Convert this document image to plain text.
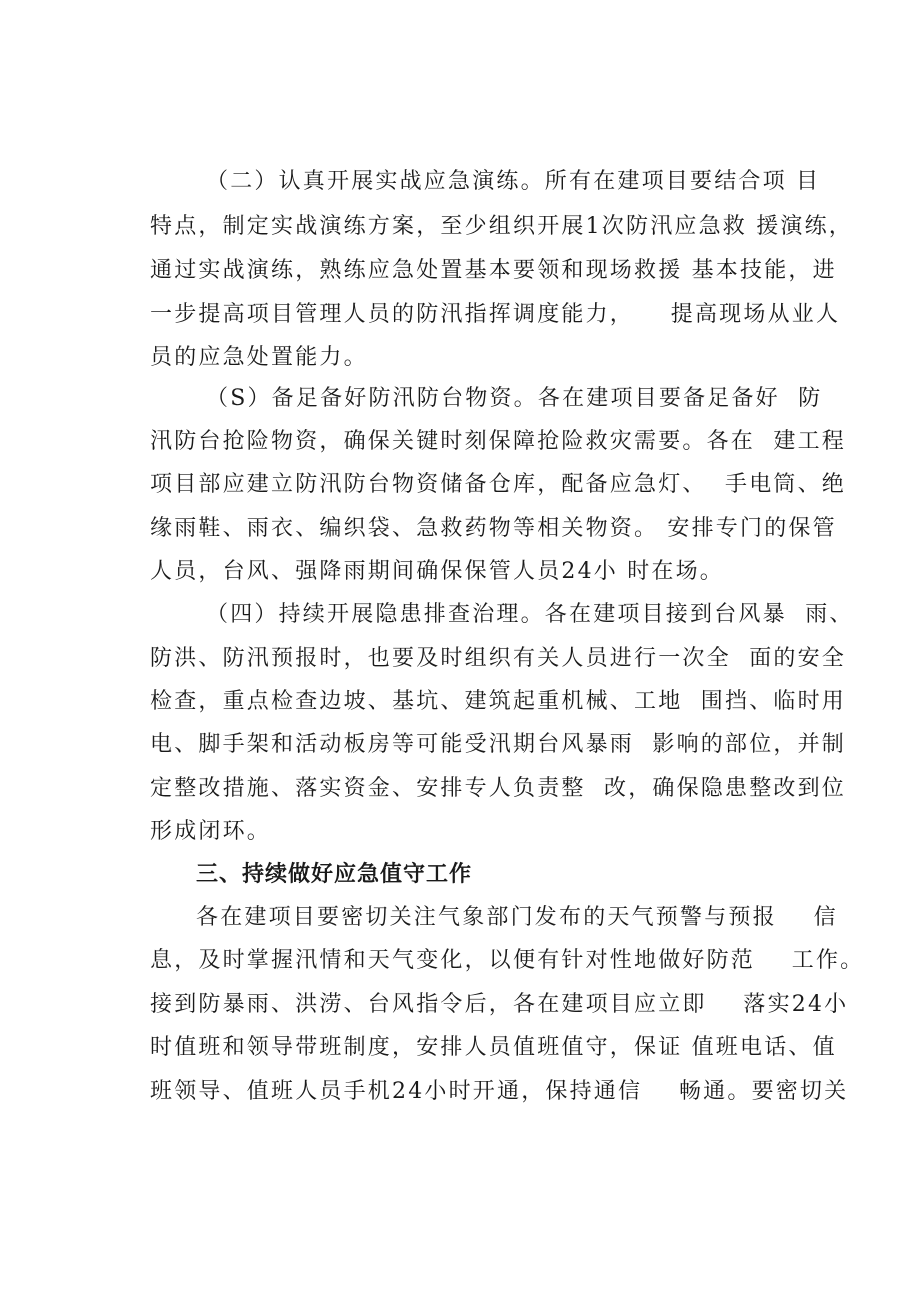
（二）认真开展实战应急演练。所有在建项目要结合项 目
特点，制定实战演练方案，至少组织开展1次防汛应急救 援演练，
通过实战演练，熟练应急处置基本要领和现场救援 基本技能，进
一步提高项目管理人员的防汛指挥调度能力，    提高现场从业人
员的应急处置能力。
（S）备足备好防汛防台物资。各在建项目要备足备好  防
汛防台抢险物资，确保关键时刻保障抢险救灾需要。各在  建工程
项目部应建立防汛防台物资储备仓库，配备应急灯、  手电筒、绝
缘雨鞋、雨衣、编织袋、急救药物等相关物资。 安排专门的保管
人员，台风、强降雨期间确保保管人员24小 时在场。
（四）持续开展隐患排查治理。各在建项目接到台风暴  雨、
防洪、防汛预报时，也要及时组织有关人员进行一次全  面的安全
检查，重点检查边坡、基坑、建筑起重机械、工地  围挡、临时用
电、脚手架和活动板房等可能受汛期台风暴雨  影响的部位，并制
定整改措施、落实资金、安排专人负责整  改，确保隐患整改到位
形成闭环。
三、持续做好应急值守工作
各在建项目要密切关注气象部门发布的天气预警与预报    信
息，及时掌握汛情和天气变化，以便有针对性地做好防范    工作。
接到防暴雨、洪涝、台风指令后，各在建项目应立即    落实24小
时值班和领导带班制度，安排人员值班值守，保证 值班电话、值
班领导、值班人员手机24小时开通，保持通信    畅通。要密切关
